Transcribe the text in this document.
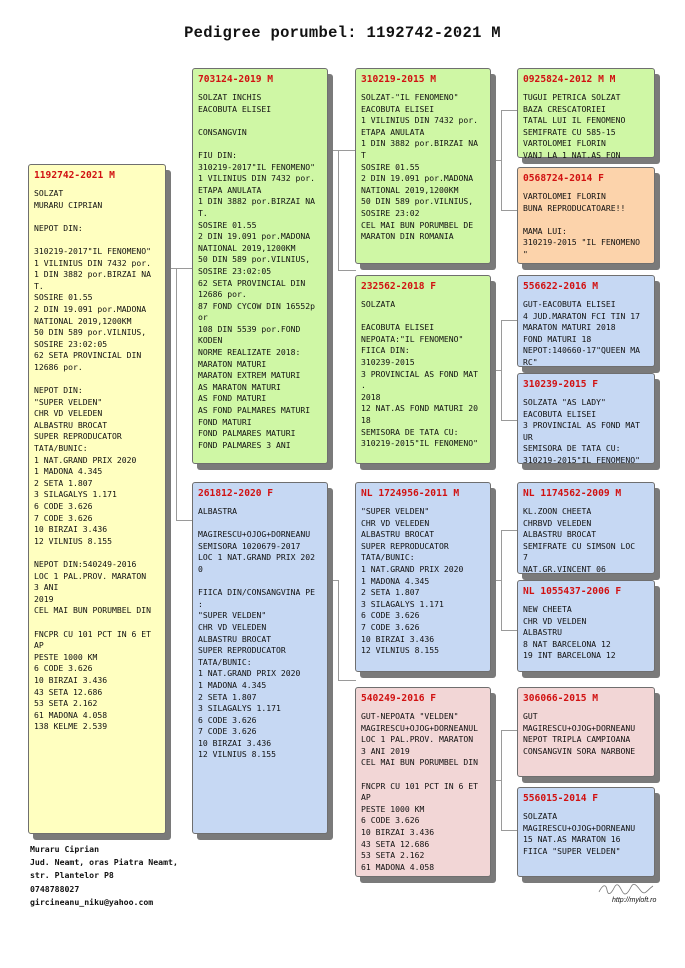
Pedigree porumbel: 1192742-2021 M
1192742-2021 M
SOLZAT
MURARU CIPRIAN
NEPOT DIN:
310219-2017"IL FENOMENO"
1 VILINIUS DIN 7432 por.
1 DIN 3882 por.BIRZAI NA
T.
SOSIRE 01.55
2 DIN 19.091 por.MADONA
NATIONAL 2019,1200KM
50 DIN 589 por.VILNIUS,
SOSIRE 23:02:05
62 SETA PROVINCIAL DIN
12686 por.
NEPOT DIN:
"SUPER VELDEN"
CHR VD VELEDEN
ALBASTRU BROCAT
SUPER REPRODUCATOR
TATA/BUNIC:
1 NAT.GRAND PRIX 2020
1 MADONA 4.345
2 SETA 1.807
3 SILAGALYS 1.171
6 CODE 3.626
7 CODE 3.626
10 BIRZAI 3.436
12 VILNIUS 8.155
NEPOT DIN:540249-2016
LOC 1 PAL.PROV. MARATON
3 ANI
2019
CEL MAI BUN PORUMBEL DIN
FNCPR CU 101 PCT IN 6 ET
AP
PESTE 1000 KM
6 CODE 3.626
10 BIRZAI 3.436
43 SETA 12.686
53 SETA 2.162
61 MADONA 4.058
138 KELME 2.539
703124-2019 M
SOLZAT INCHIS
EACOBUTA ELISEI
CONSANGVIN
FIU DIN:
310219-2017"IL FENOMENO"
1 VILINIUS DIN 7432 por.
ETAPA ANULATA
1 DIN 3882 por.BIRZAI NA
T.
SOSIRE 01.55
2 DIN 19.091 por.MADONA
NATIONAL 2019,1200KM
50 DIN 589 por.VILNIUS,
SOSIRE 23:02:05
62 SETA PROVINCIAL DIN
12686 por.
87 FOND CYCOW DIN 16552p
or
108 DIN 5539 por.FOND
KODEN
NORME REALIZATE 2018:
MARATON MATURI
MARATON EXTREM MATURI
AS MARATON MATURI
AS FOND MATURI
AS FOND PALMARES MATURI
FOND MATURI
FOND PALMARES MATURI
FOND PALMARES 3 ANI
261812-2020 F
ALBASTRA
MAGIRESCU+OJOG+DORNEANU
SEMISORA 1020679-2017
LOC 1 NAT.GRAND PRIX 202
0
FIICA DIN/CONSANGVINA PE
:
"SUPER VELDEN"
CHR VD VELEDEN
ALBASTRU BROCAT
SUPER REPRODUCATOR
TATA/BUNIC:
1 NAT.GRAND PRIX 2020
1 MADONA 4.345
2 SETA 1.807
3 SILAGALYS 1.171
6 CODE 3.626
7 CODE 3.626
10 BIRZAI 3.436
12 VILNIUS 8.155
310219-2015 M
SOLZAT-"IL FENOMENO"
EACOBUTA ELISEI
1 VILINIUS DIN 7432 por.
ETAPA ANULATA
1 DIN 3882 por.BIRZAI NA
T
SOSIRE 01.55
2 DIN 19.091 por.MADONA
NATIONAL 2019,1200KM
50 DIN 589 por.VILNIUS,
SOSIRE 23:02
CEL MAI BUN PORUMBEL DE
MARATON DIN ROMANIA
232562-2018 F
SOLZATA
EACOBUTA ELISEI
NEPOATA:"IL FENOMENO"
FIICA DIN:
310239-2015
3 PROVINCIAL AS FOND MAT
.
2018
12 NAT.AS FOND MATURI 20
18
SEMISORA DE TATA CU:
310219-2015"IL FENOMENO"
NL 1724956-2011 M
"SUPER VELDEN"
CHR VD VELEDEN
ALBASTRU BROCAT
SUPER REPRODUCATOR
TATA/BUNIC:
1 NAT.GRAND PRIX 2020
1 MADONA 4.345
2 SETA 1.807
3 SILAGALYS 1.171
6 CODE 3.626
7 CODE 3.626
10 BIRZAI 3.436
12 VILNIUS 8.155
540249-2016 F
GUT-NEPOATA "VELDEN"
MAGIRESCU+OJOG+DORNEANUL
LOC 1 PAL.PROV. MARATON
3 ANI 2019
CEL MAI BUN PORUMBEL DIN
FNCPR CU 101 PCT IN 6 ET
AP
PESTE 1000 KM
6 CODE 3.626
10 BIRZAI 3.436
43 SETA 12.686
53 SETA 2.162
61 MADONA 4.058
0925824-2012 M M
TUGUI PETRICA SOLZAT
BAZA CRESCATORIEI
TATAL LUI IL FENOMENO
SEMIFRATE CU 585-15
VARTOLOMEI FLORIN
VANJ LA 1 NAT.AS FON
0568724-2014 F
VARTOLOMEI FLORIN
BUNA REPRODUCATOARE!!
MAMA LUI:
310219-2015 "IL FENOMENO
"
556622-2016 M
GUT-EACOBUTA ELISEI
4 JUD.MARATON FCI TIN 17
MARATON MATURI 2018
FOND MATURI 18
NEPOT:140660-17"QUEEN MA
RC"
310239-2015 F
SOLZATA "AS LADY"
EACOBUTA ELISEI
3 PROVINCIAL AS FOND MAT
UR
SEMISORA DE TATA CU:
310219-2015"IL FENOMENO"
NL 1174562-2009 M
KL.ZOON CHEETA
CHRBVD VELEDEN
ALBASTRU BROCAT
SEMIFRATE CU SIMSON LOC
7
NAT.GR.VINCENT 06
NL 1055437-2006 F
NEW CHEETA
CHR VD VELDEN
ALBASTRU
8 NAT BARCELONA 12
19 INT BARCELONA 12
306066-2015 M
GUT
MAGIRESCU+OJOG+DORNEANU
NEPOT TRIPLA CAMPIOANA
CONSANGVIN SORA NARBONE
556015-2014 F
SOLZATA
MAGIRESCU+OJOG+DORNEANU
15 NAT.AS MARATON 16
FIICA "SUPER VELDEN"
Muraru Ciprian
Jud. Neamt, oras Piatra Neamt,
str. Plantelor P8
0748788027
gircineanu_niku@yahoo.com	http://myloft.ro
